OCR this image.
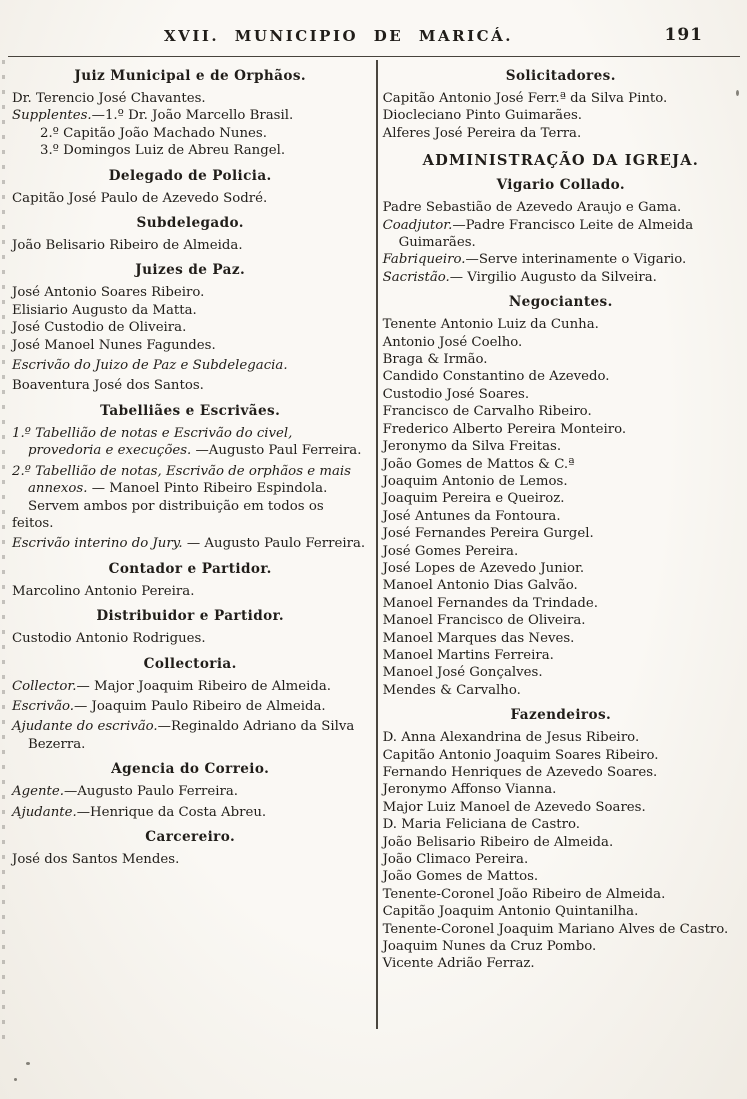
XVII. MUNICIPIO DE MARICÁ.	191
Juiz Municipal e de Orphãos.

Dr. Terencio José Chavantes.

Supplentes.—1.º Dr. João Marcello Brasil.

2.º Capitão João Machado Nunes.

3.º Domingos Luiz de Abreu Rangel.

Delegado de Policia.

Capitão José Paulo de Azevedo Sodré.

Subdelegado.

João Belisario Ribeiro de Almeida.

Juizes de Paz.

José Antonio Soares Ribeiro.

Elisiario Augusto da Matta.

José Custodio de Oliveira.

José Manoel Nunes Fagundes.

Escrivão do Juizo de Paz e Subdelegacia.

Boaventura José dos Santos.

Tabelliães e Escrivães.

1.º Tabellião de notas e Escrivão do civel, provedoria e execuções. —Augusto Paul Ferreira.

2.º Tabellião de notas, Escrivão de orphãos e mais annexos. — Manoel Pinto Ribeiro Espindola.

Servem ambos por distribuição em todos os feitos.

Escrivão interino do Jury. — Augusto Paulo Ferreira.

Contador e Partidor.

Marcolino Antonio Pereira.

Distribuidor e Partidor.

Custodio Antonio Rodrigues.

Collectoria.

Collector.— Major Joaquim Ribeiro de Almeida.

Escrivão.— Joaquim Paulo Ribeiro de Almeida.

Ajudante do escrivão.—Reginaldo Adriano da Silva Bezerra.

Agencia do Correio.

Agente.—Augusto Paulo Ferreira.

Ajudante.—Henrique da Costa Abreu.

Carcereiro.

José dos Santos Mendes.

Solicitadores.

Capitão Antonio José Ferr.ª da Silva Pinto.

Diocleciano Pinto Guimarães.

Alferes José Pereira da Terra.

ADMINISTRAÇÃO DA IGREJA.
Vigario Collado.

Padre Sebastião de Azevedo Araujo e Gama.

Coadjutor.—Padre Francisco Leite de Almeida Guimarães.

Fabriqueiro.—Serve interinamente o Vigario.

Sacristão.— Virgilio Augusto da Silveira.

Negociantes.

Tenente Antonio Luiz da Cunha.

Antonio José Coelho.

Braga & Irmão.

Candido Constantino de Azevedo.

Custodio José Soares.

Francisco de Carvalho Ribeiro.

Frederico Alberto Pereira Monteiro.

Jeronymo da Silva Freitas.

João Gomes de Mattos & C.ª

Joaquim Antonio de Lemos.

Joaquim Pereira e Queiroz.

José Antunes da Fontoura.

José Fernandes Pereira Gurgel.

José Gomes Pereira.

José Lopes de Azevedo Junior.

Manoel Antonio Dias Galvão.

Manoel Fernandes da Trindade.

Manoel Francisco de Oliveira.

Manoel Marques das Neves.

Manoel Martins Ferreira.

Manoel José Gonçalves.

Mendes & Carvalho.

Fazendeiros.

D. Anna Alexandrina de Jesus Ribeiro.

Capitão Antonio Joaquim Soares Ribeiro.

Fernando Henriques de Azevedo Soares.

Jeronymo Affonso Vianna.

Major Luiz Manoel de Azevedo Soares.

D. Maria Feliciana de Castro.

João Belisario Ribeiro de Almeida.

João Climaco Pereira.

João Gomes de Mattos.

Tenente-Coronel João Ribeiro de Almeida.

Capitão Joaquim Antonio Quintanilha.

Tenente-Coronel Joaquim Mariano Alves de Castro.

Joaquim Nunes da Cruz Pombo.

Vicente Adrião Ferraz.
